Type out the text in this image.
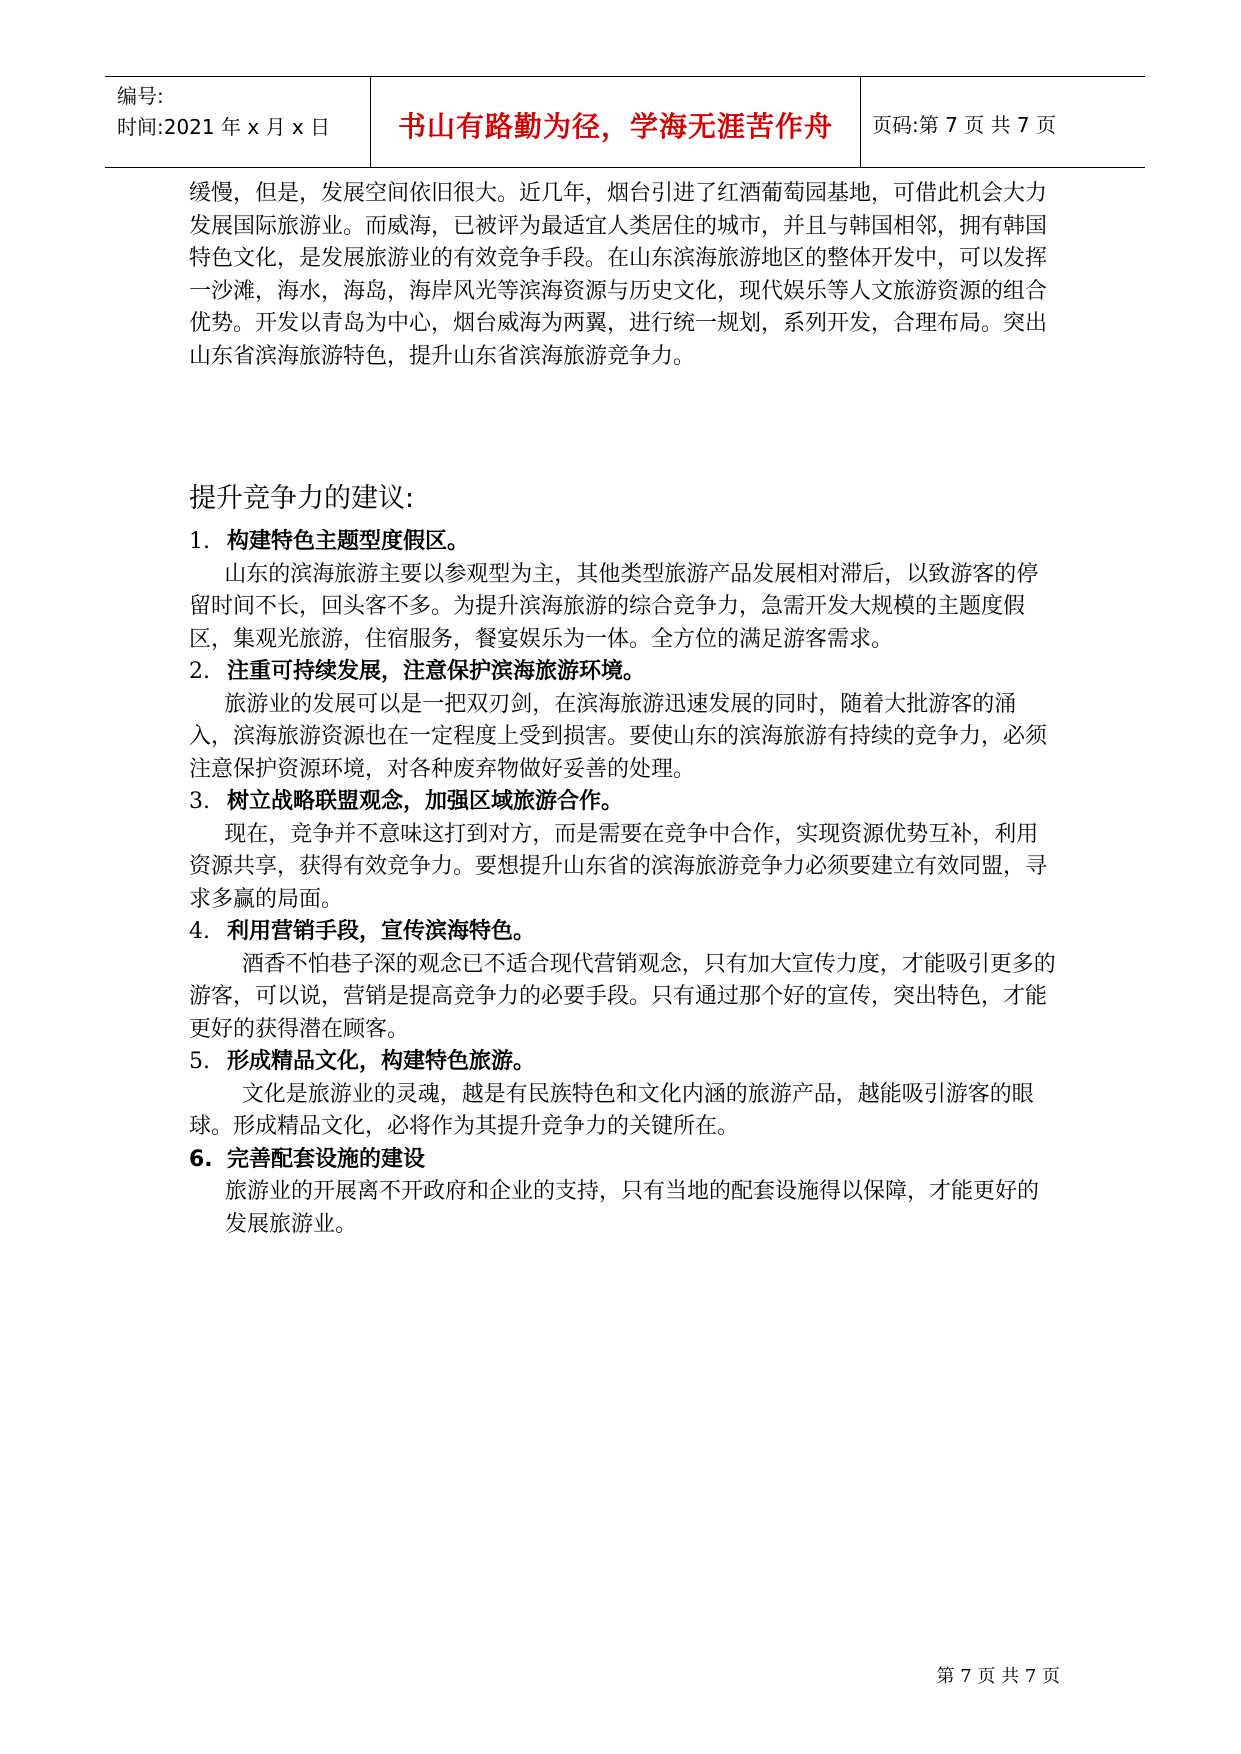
编号:
时间:2021 年 x 月 x 日	书山有路勤为径，学海无涯苦作舟	页码:第 7 页 共 7 页

缓慢，但是，发展空间依旧很大。近几年，烟台引进了红酒葡萄园基地，可借此机会大力发展国际旅游业。而威海，已被评为最适宜人类居住的城市，并且与韩国相邻，拥有韩国特色文化，是发展旅游业的有效竞争手段。在山东滨海旅游地区的整体开发中，可以发挥一沙滩，海水，海岛，海岸风光等滨海资源与历史文化，现代娱乐等人文旅游资源的组合优势。开发以青岛为中心，烟台威海为两翼，进行统一规划，系列开发，合理布局。突出山东省滨海旅游特色，提升山东省滨海旅游竞争力。

提升竞争力的建议:

1. 构建特色主题型度假区。

山东的滨海旅游主要以参观型为主，其他类型旅游产品发展相对滞后，以致游客的停留时间不长，回头客不多。为提升滨海旅游的综合竞争力，急需开发大规模的主题度假区，集观光旅游，住宿服务，餐宴娱乐为一体。全方位的满足游客需求。

2. 注重可持续发展，注意保护滨海旅游环境。

旅游业的发展可以是一把双刃剑，在滨海旅游迅速发展的同时，随着大批游客的涌入，滨海旅游资源也在一定程度上受到损害。要使山东的滨海旅游有持续的竞争力，必须注意保护资源环境，对各种废弃物做好妥善的处理。

3. 树立战略联盟观念，加强区域旅游合作。

现在，竞争并不意味这打到对方，而是需要在竞争中合作，实现资源优势互补，利用资源共享，获得有效竞争力。要想提升山东省的滨海旅游竞争力必须要建立有效同盟，寻求多赢的局面。

4. 利用营销手段，宣传滨海特色。

酒香不怕巷子深的观念已不适合现代营销观念，只有加大宣传力度，才能吸引更多的游客，可以说，营销是提高竞争力的必要手段。只有通过那个好的宣传，突出特色，才能更好的获得潜在顾客。

5. 形成精品文化，构建特色旅游。

文化是旅游业的灵魂，越是有民族特色和文化内涵的旅游产品，越能吸引游客的眼球。形成精品文化，必将作为其提升竞争力的关键所在。

6. 完善配套设施的建设

旅游业的开展离不开政府和企业的支持，只有当地的配套设施得以保障，才能更好的发展旅游业。

第 7 页 共 7 页
